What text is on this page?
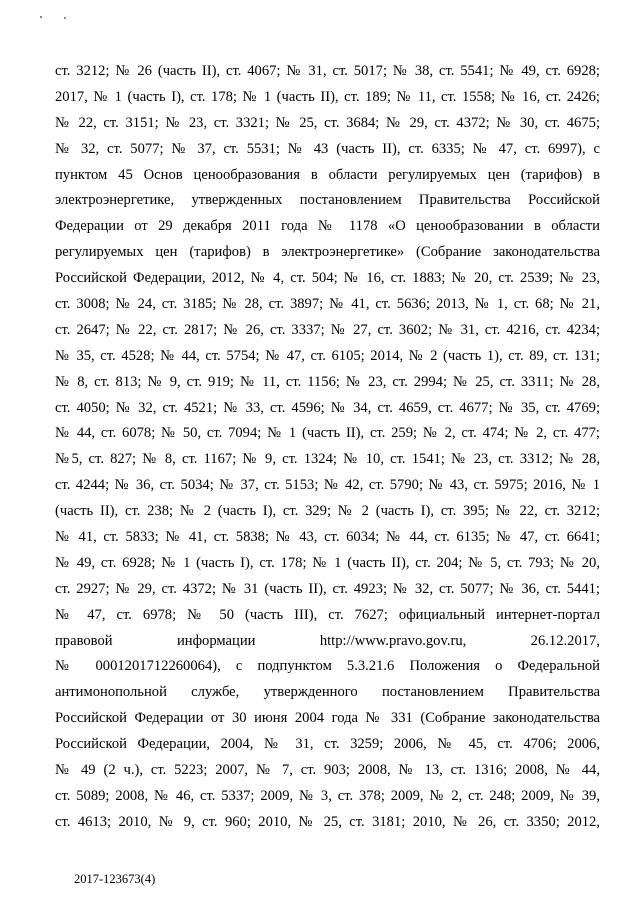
ст. 3212; № 26 (часть II), ст. 4067; № 31, ст. 5017; № 38, ст. 5541; № 49, ст. 6928;
2017, № 1 (часть I), ст. 178; № 1 (часть II), ст. 189; № 11, ст. 1558; № 16, ст. 2426;
№ 22, ст. 3151; № 23, ст. 3321; № 25, ст. 3684; № 29, ст. 4372; № 30, ст. 4675;
№ 32, ст. 5077; № 37, ст. 5531; № 43 (часть II), ст. 6335; № 47, ст. 6997), с
пунктом 45 Основ ценообразования в области регулируемых цен (тарифов) в
электроэнергетике, утвержденных постановлением Правительства Российской
Федерации от 29 декабря 2011 года № 1178 «О ценообразовании в области
регулируемых цен (тарифов) в электроэнергетике» (Собрание законодательства
Российской Федерации, 2012, № 4, ст. 504; № 16, ст. 1883; № 20, ст. 2539; № 23,
ст. 3008; № 24, ст. 3185; № 28, ст. 3897; № 41, ст. 5636; 2013, № 1, ст. 68; № 21,
ст. 2647; № 22, ст. 2817; № 26, ст. 3337; № 27, ст. 3602; № 31, ст. 4216, ст. 4234;
№ 35, ст. 4528; № 44, ст. 5754; № 47, ст. 6105; 2014, № 2 (часть 1), ст. 89, ст. 131;
№ 8, ст. 813; № 9, ст. 919; № 11, ст. 1156; № 23, ст. 2994; № 25, ст. 3311; № 28,
ст. 4050; № 32, ст. 4521; № 33, ст. 4596; № 34, ст. 4659, ст. 4677; № 35, ст. 4769;
№ 44, ст. 6078; № 50, ст. 7094; № 1 (часть II), ст. 259; № 2, ст. 474; № 2, ст. 477;
№5, ст. 827; № 8, ст. 1167; № 9, ст. 1324; № 10, ст. 1541; № 23, ст. 3312; № 28,
ст. 4244; № 36, ст. 5034; № 37, ст. 5153; № 42, ст. 5790; № 43, ст. 5975; 2016, № 1
(часть II), ст. 238; № 2 (часть I), ст. 329; № 2 (часть I), ст. 395; № 22, ст. 3212;
№ 41, ст. 5833; № 41, ст. 5838; № 43, ст. 6034; № 44, ст. 6135; № 47, ст. 6641;
№ 49, ст. 6928; № 1 (часть I), ст. 178; № 1 (часть II), ст. 204; № 5, ст. 793; № 20,
ст. 2927; № 29, ст. 4372; № 31 (часть II), ст. 4923; № 32, ст. 5077; № 36, ст. 5441;
№ 47, ст. 6978; № 50 (часть III), ст. 7627; официальный интернет-портал
правовой информации http://www.pravo.gov.ru, 26.12.2017,
№ 0001201712260064), с подпунктом 5.3.21.6 Положения о Федеральной
антимонопольной службе, утвержденного постановлением Правительства
Российской Федерации от 30 июня 2004 года № 331 (Собрание законодательства
Российской Федерации, 2004, № 31, ст. 3259; 2006, № 45, ст. 4706; 2006,
№ 49 (2 ч.), ст. 5223; 2007, № 7, ст. 903; 2008, № 13, ст. 1316; 2008, № 44,
ст. 5089; 2008, № 46, ст. 5337; 2009, № 3, ст. 378; 2009, № 2, ст. 248; 2009, № 39,
ст. 4613; 2010, № 9, ст. 960; 2010, № 25, ст. 3181; 2010, № 26, ст. 3350; 2012,
2017-123673(4)
